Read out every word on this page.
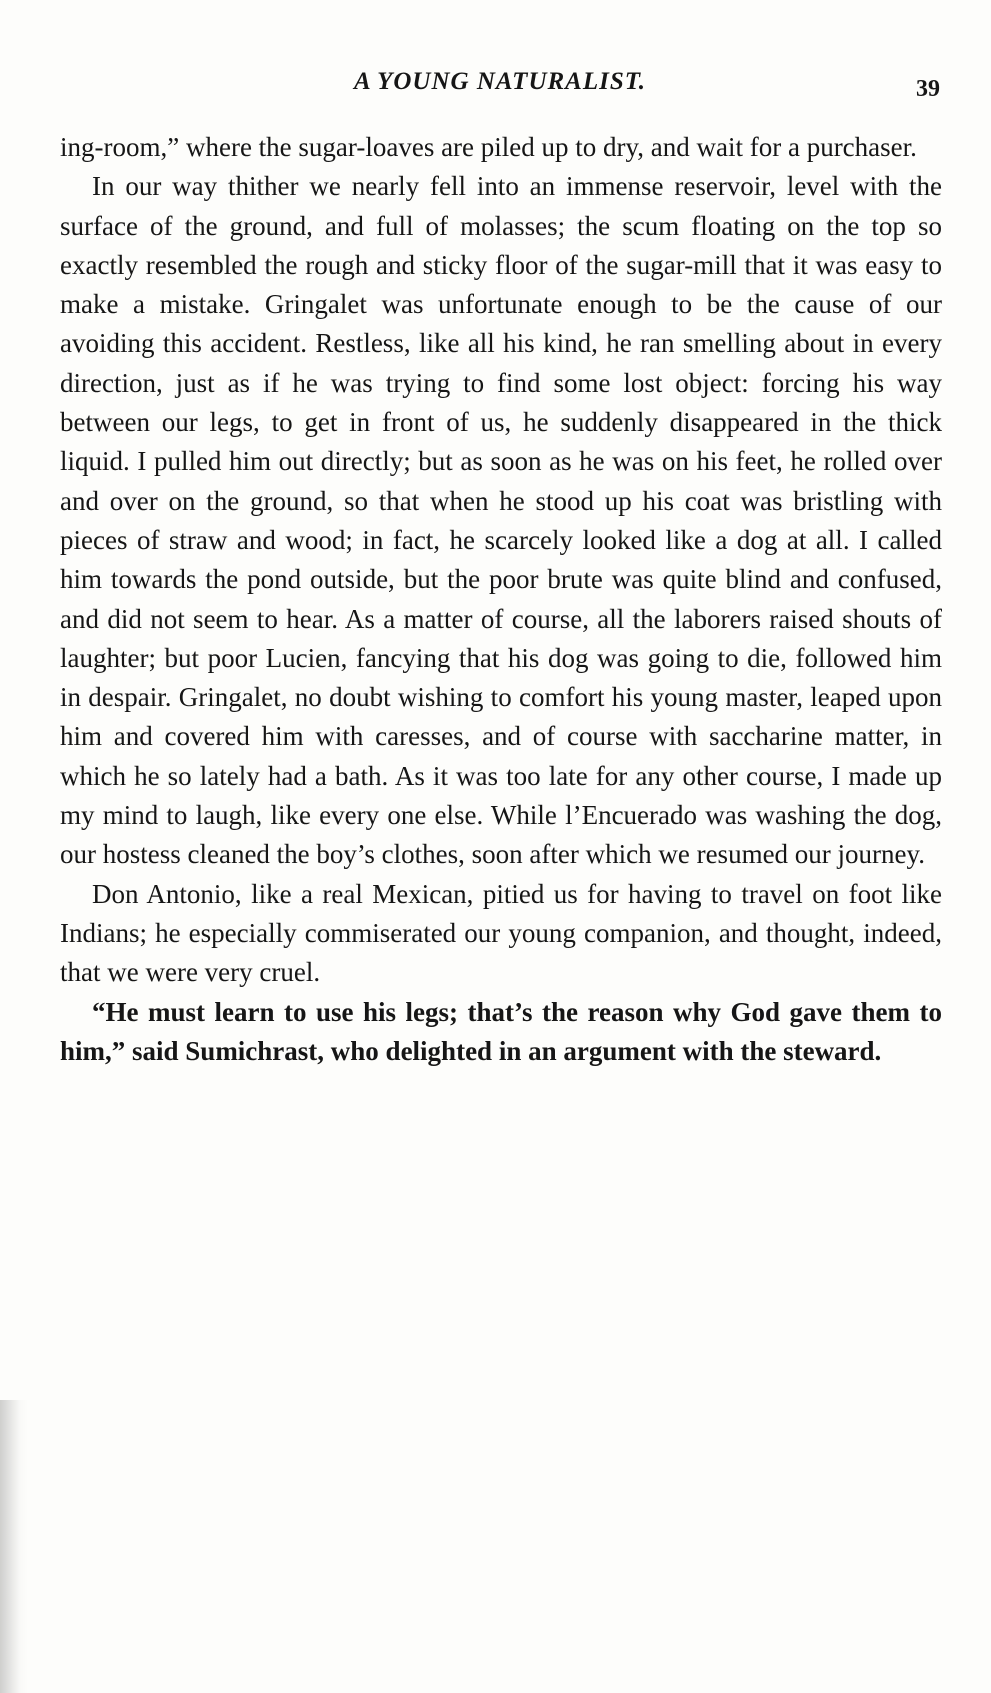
A YOUNG NATURALIST.	39

ing-room,” where the sugar-loaves are piled up to dry, and wait for a purchaser.

In our way thither we nearly fell into an immense reservoir, level with the surface of the ground, and full of molasses; the scum floating on the top so exactly resembled the rough and sticky floor of the sugar-mill that it was easy to make a mistake. Gringalet was unfortunate enough to be the cause of our avoiding this accident. Restless, like all his kind, he ran smelling about in every direction, just as if he was trying to find some lost object: forcing his way between our legs, to get in front of us, he suddenly disappeared in the thick liquid. I pulled him out directly; but as soon as he was on his feet, he rolled over and over on the ground, so that when he stood up his coat was bristling with pieces of straw and wood; in fact, he scarcely looked like a dog at all. I called him towards the pond outside, but the poor brute was quite blind and confused, and did not seem to hear. As a matter of course, all the laborers raised shouts of laughter; but poor Lucien, fancying that his dog was going to die, followed him in despair. Gringalet, no doubt wishing to comfort his young master, leaped upon him and covered him with caresses, and of course with saccharine matter, in which he so lately had a bath. As it was too late for any other course, I made up my mind to laugh, like every one else. While l’Encuerado was washing the dog, our hostess cleaned the boy’s clothes, soon after which we resumed our journey.

Don Antonio, like a real Mexican, pitied us for having to travel on foot like Indians; he especially commiserated our young companion, and thought, indeed, that we were very cruel.

“He must learn to use his legs; that’s the reason why God gave them to him,” said Sumichrast, who delighted in an argument with the steward.
